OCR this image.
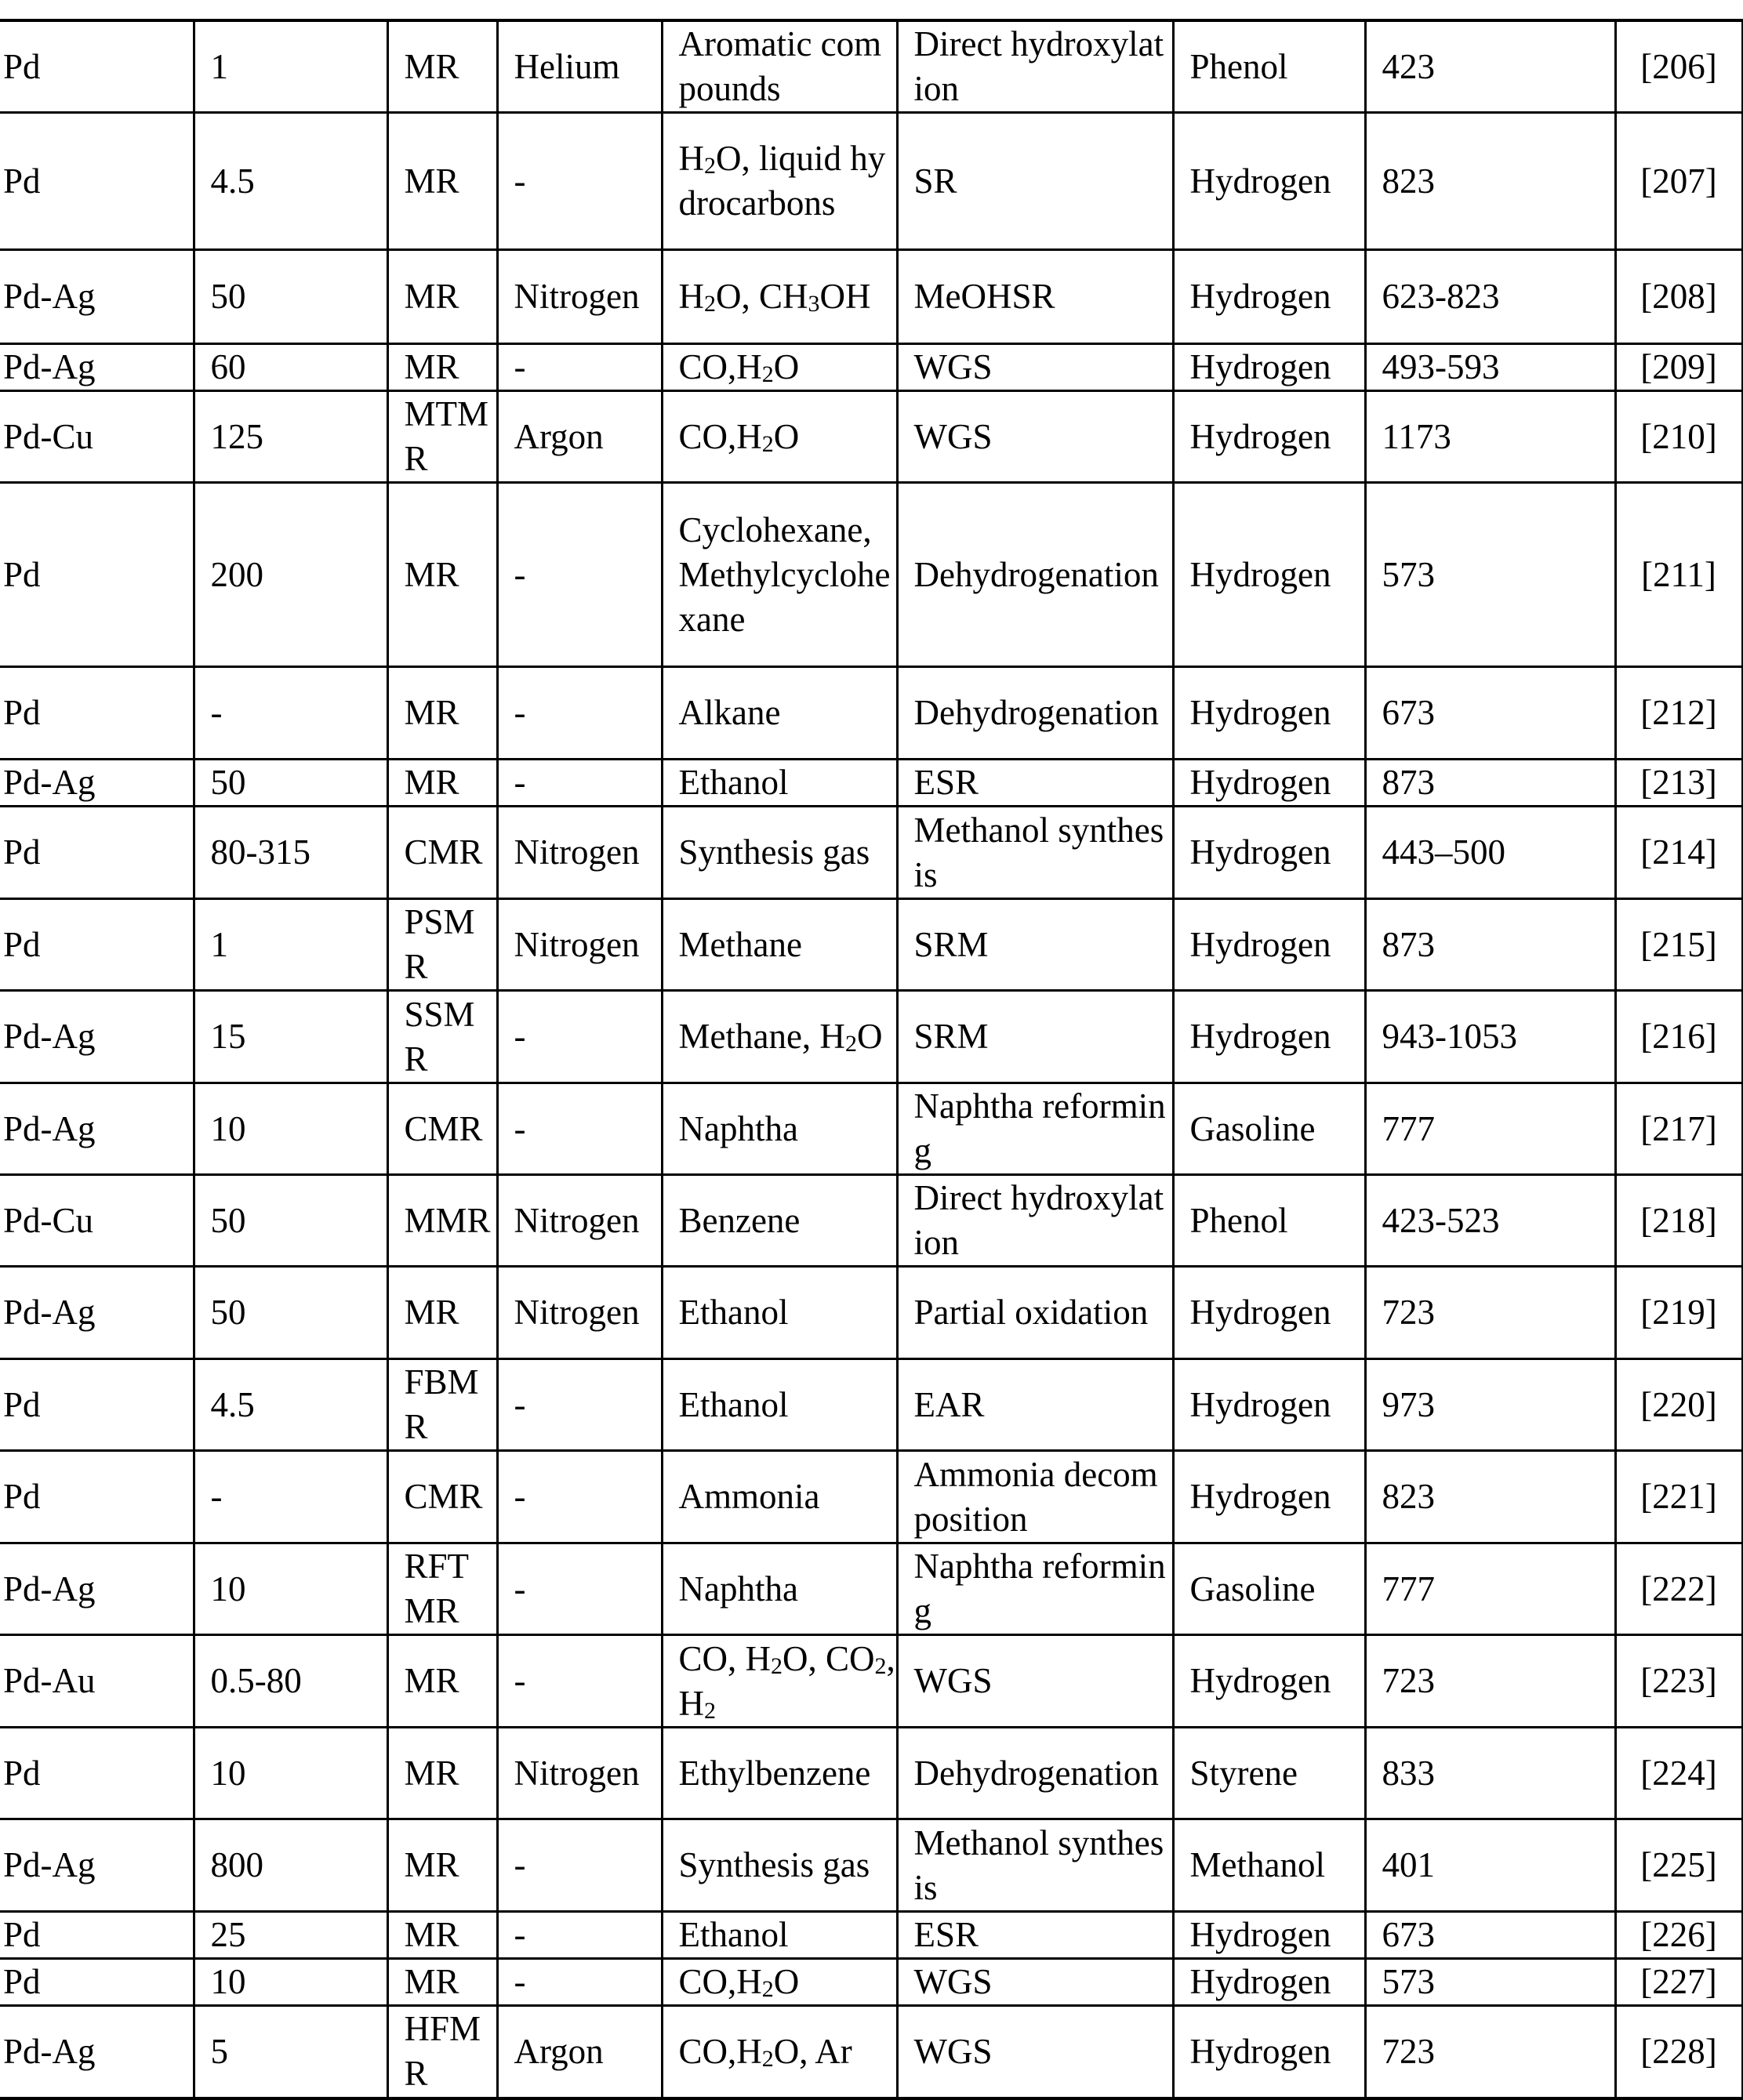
Pd	1	MR	Helium	Aromatic compounds	Direct hydroxylation	Phenol	423	[206]
Pd	4.5	MR	-	$H_2O$, liquid hydrocarbons	SR	Hydrogen	823	[207]
Pd-Ag	50	MR	Nitrogen	$H_2O$, $CH_3OH$	MeOHSR	Hydrogen	623-823	[208]
Pd-Ag	60	MR	-	$CO,H_2O$	WGS	Hydrogen	493-593	[209]
Pd-Cu	125	MTMR	Argon	$CO,H_2O$	WGS	Hydrogen	1173	[210]
Pd	200	MR	-	Cyclohexane, Methylcyclohexane	Dehydrogenation	Hydrogen	573	[211]
Pd	-	MR	-	Alkane	Dehydrogenation	Hydrogen	673	[212]
Pd-Ag	50	MR	-	Ethanol	ESR	Hydrogen	873	[213]
Pd	80-315	CMR	Nitrogen	Synthesis gas	Methanol synthesis	Hydrogen	443–500	[214]
Pd	1	PSMR	Nitrogen	Methane	SRM	Hydrogen	873	[215]
Pd-Ag	15	SSMR	-	Methane, $H_2O$	SRM	Hydrogen	943-1053	[216]
Pd-Ag	10	CMR	-	Naphtha	Naphtha reforming	Gasoline	777	[217]
Pd-Cu	50	MMR	Nitrogen	Benzene	Direct hydroxylation	Phenol	423-523	[218]
Pd-Ag	50	MR	Nitrogen	Ethanol	Partial oxidation	Hydrogen	723	[219]
Pd	4.5	FBMR	-	Ethanol	EAR	Hydrogen	973	[220]
Pd	-	CMR	-	Ammonia	Ammonia decomposition	Hydrogen	823	[221]
Pd-Ag	10	RFTMR	-	Naphtha	Naphtha reforming	Gasoline	777	[222]
Pd-Au	0.5-80	MR	-	CO, $H_2O$, $CO_2$, $H_2$	WGS	Hydrogen	723	[223]
Pd	10	MR	Nitrogen	Ethylbenzene	Dehydrogenation	Styrene	833	[224]
Pd-Ag	800	MR	-	Synthesis gas	Methanol synthesis	Methanol	401	[225]
Pd	25	MR	-	Ethanol	ESR	Hydrogen	673	[226]
Pd	10	MR	-	$CO,H_2O$	WGS	Hydrogen	573	[227]
Pd-Ag	5	HFMR	Argon	$CO,H_2O$, Ar	WGS	Hydrogen	723	[228]
